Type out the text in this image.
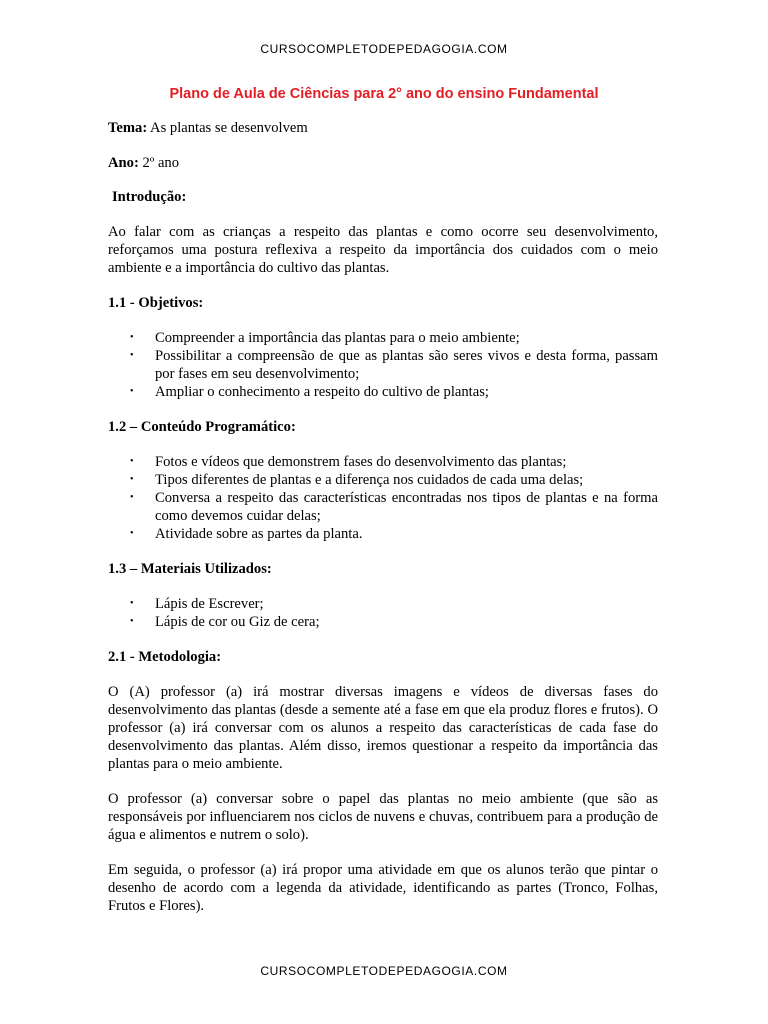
CURSOCOMPLETODEPEDAGOGIA.COM
Plano de Aula de Ciências para 2° ano do ensino Fundamental

Tema: As plantas se desenvolvem

Ano: 2º ano

Introdução:

Ao falar com as crianças a respeito das plantas e como ocorre seu desenvolvimento, reforçamos uma postura reflexiva a respeito da importância dos cuidados com o meio ambiente e a importância do cultivo das plantas.

1.1 - Objetivos:

• Compreender a importância das plantas para o meio ambiente;
• Possibilitar a compreensão de que as plantas são seres vivos e desta forma, passam por fases em seu desenvolvimento;
• Ampliar o conhecimento a respeito do cultivo de plantas;

1.2 – Conteúdo Programático:

• Fotos e vídeos que demonstrem fases do desenvolvimento das plantas;
• Tipos diferentes de plantas e a diferença nos cuidados de cada uma delas;
• Conversa a respeito das características encontradas nos tipos de plantas e na forma como devemos cuidar delas;
• Atividade sobre as partes da planta.

1.3 – Materiais Utilizados:

• Lápis de Escrever;
• Lápis de cor ou Giz de cera;

2.1 - Metodologia:

O (A) professor (a) irá mostrar diversas imagens e vídeos de diversas fases do desenvolvimento das plantas (desde a semente até a fase em que ela produz flores e frutos). O professor (a) irá conversar com os alunos a respeito das características de cada fase do desenvolvimento das plantas. Além disso, iremos questionar a respeito da importância das plantas para o meio ambiente.

O professor (a) conversar sobre o papel das plantas no meio ambiente (que são as responsáveis por influenciarem nos ciclos de nuvens e chuvas, contribuem para a produção de água e alimentos e nutrem o solo).

Em seguida, o professor (a) irá propor uma atividade em que os alunos terão que pintar o desenho de acordo com a legenda da atividade, identificando as partes (Tronco, Folhas, Frutos e Flores).

CURSOCOMPLETODEPEDAGOGIA.COM
